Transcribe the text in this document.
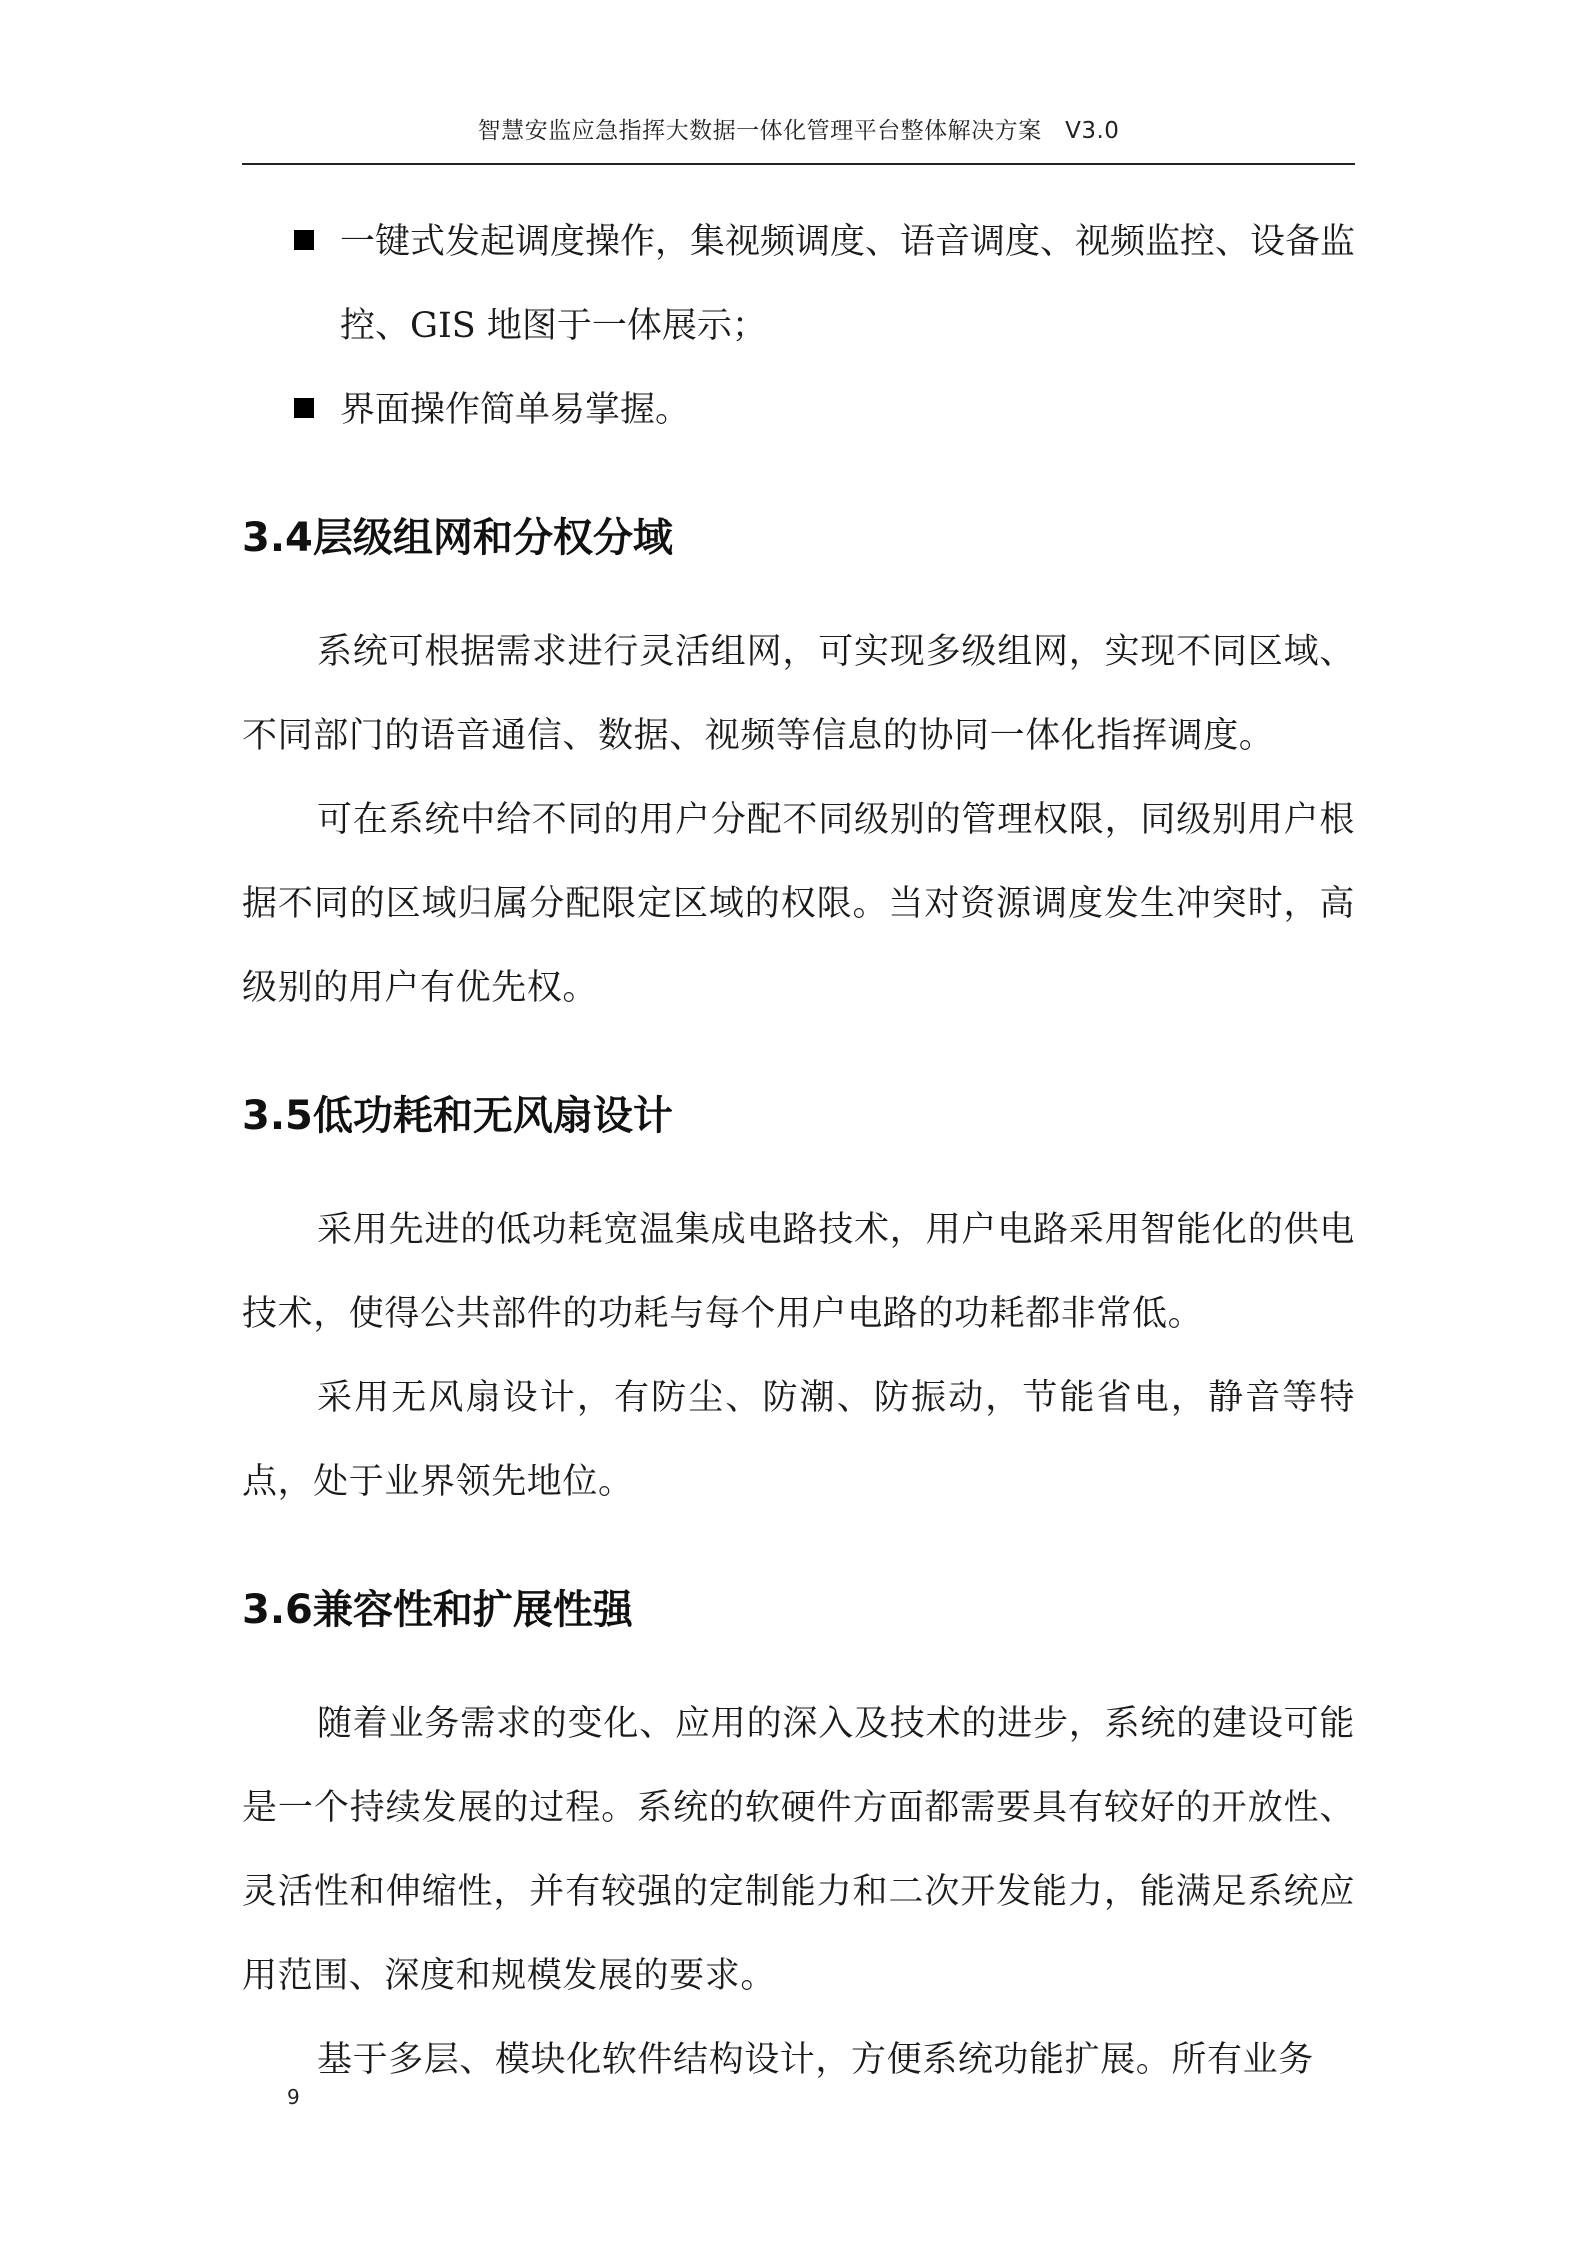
智慧安监应急指挥大数据一体化管理平台整体解决方案　V3.0
一键式发起调度操作，集视频调度、语音调度、视频监控、设备监控、GIS 地图于一体展示；
界面操作简单易掌握。
3.4层级组网和分权分域
系统可根据需求进行灵活组网，可实现多级组网，实现不同区域、不同部门的语音通信、数据、视频等信息的协同一体化指挥调度。
可在系统中给不同的用户分配不同级别的管理权限，同级别用户根据不同的区域归属分配限定区域的权限。当对资源调度发生冲突时，高级别的用户有优先权。
3.5低功耗和无风扇设计
采用先进的低功耗宽温集成电路技术，用户电路采用智能化的供电技术，使得公共部件的功耗与每个用户电路的功耗都非常低。
采用无风扇设计，有防尘、防潮、防振动，节能省电，静音等特点，处于业界领先地位。
3.6兼容性和扩展性强
随着业务需求的变化、应用的深入及技术的进步，系统的建设可能是一个持续发展的过程。系统的软硬件方面都需要具有较好的开放性、灵活性和伸缩性，并有较强的定制能力和二次开发能力，能满足系统应用范围、深度和规模发展的要求。
基于多层、模块化软件结构设计，方便系统功能扩展。所有业务
9
